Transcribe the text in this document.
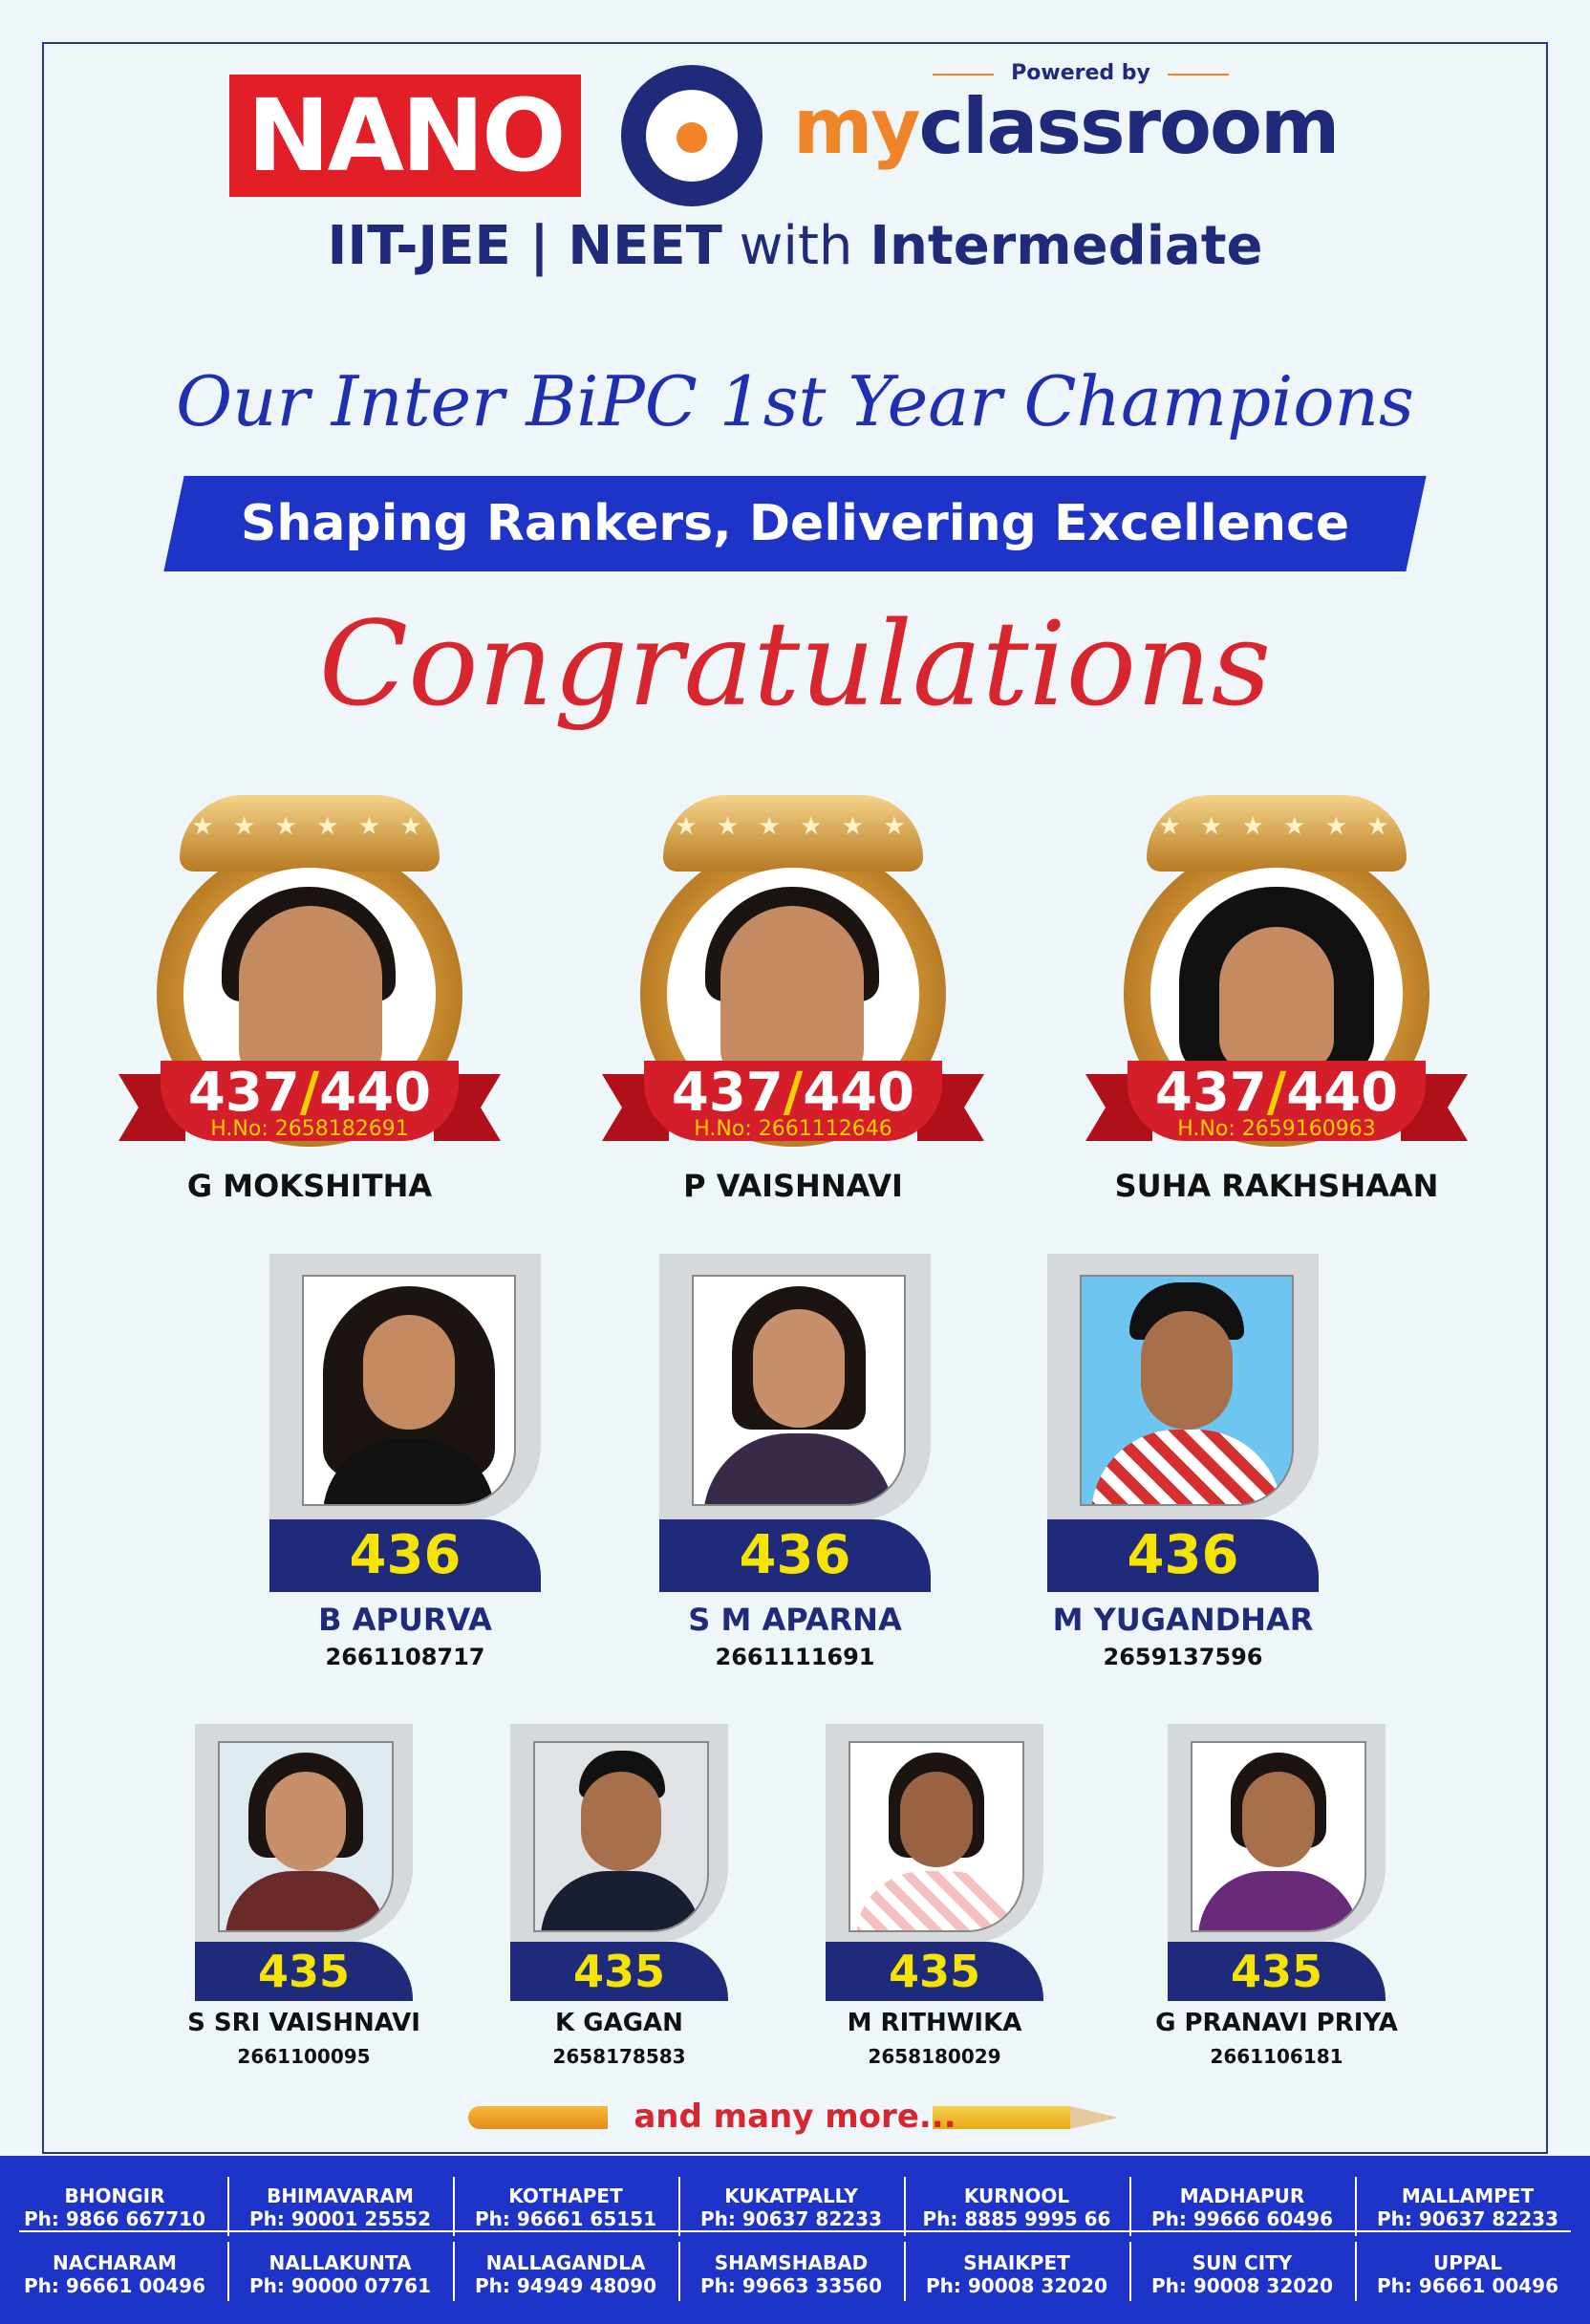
NANO
Powered by
myclassroom
IIT-JEE | NEET with Intermediate
Our Inter BiPC 1st Year Champions
Shaping Rankers, Delivering Excellence
Congratulations
★ ★ ★ ★ ★ ★
437/440
H.No: 2658182691
G MOKSHITHA
★ ★ ★ ★ ★ ★
437/440
H.No: 2661112646
P VAISHNAVI
★ ★ ★ ★ ★ ★
437/440
H.No: 2659160963
SUHA RAKHSHAAN
436
B APURVA
2661108717
436
S M APARNA
2661111691
436
M YUGANDHAR
2659137596
435
S SRI VAISHNAVI
2661100095
435
K GAGAN
2658178583
435
M RITHWIKA
2658180029
435
G PRANAVI PRIYA
2661106181
and many more...
BHONGIR
Ph: 9866 667710
BHIMAVARAM
Ph: 90001 25552
KOTHAPET
Ph: 96661 65151
KUKATPALLY
Ph: 90637 82233
KURNOOL
Ph: 8885 9995 66
MADHAPUR
Ph: 99666 60496
MALLAMPET
Ph: 90637 82233
NACHARAM
Ph: 96661 00496
NALLAKUNTA
Ph: 90000 07761
NALLAGANDLA
Ph: 94949 48090
SHAMSHABAD
Ph: 99663 33560
SHAIKPET
Ph: 90008 32020
SUN CITY
Ph: 90008 32020
UPPAL
Ph: 96661 00496
